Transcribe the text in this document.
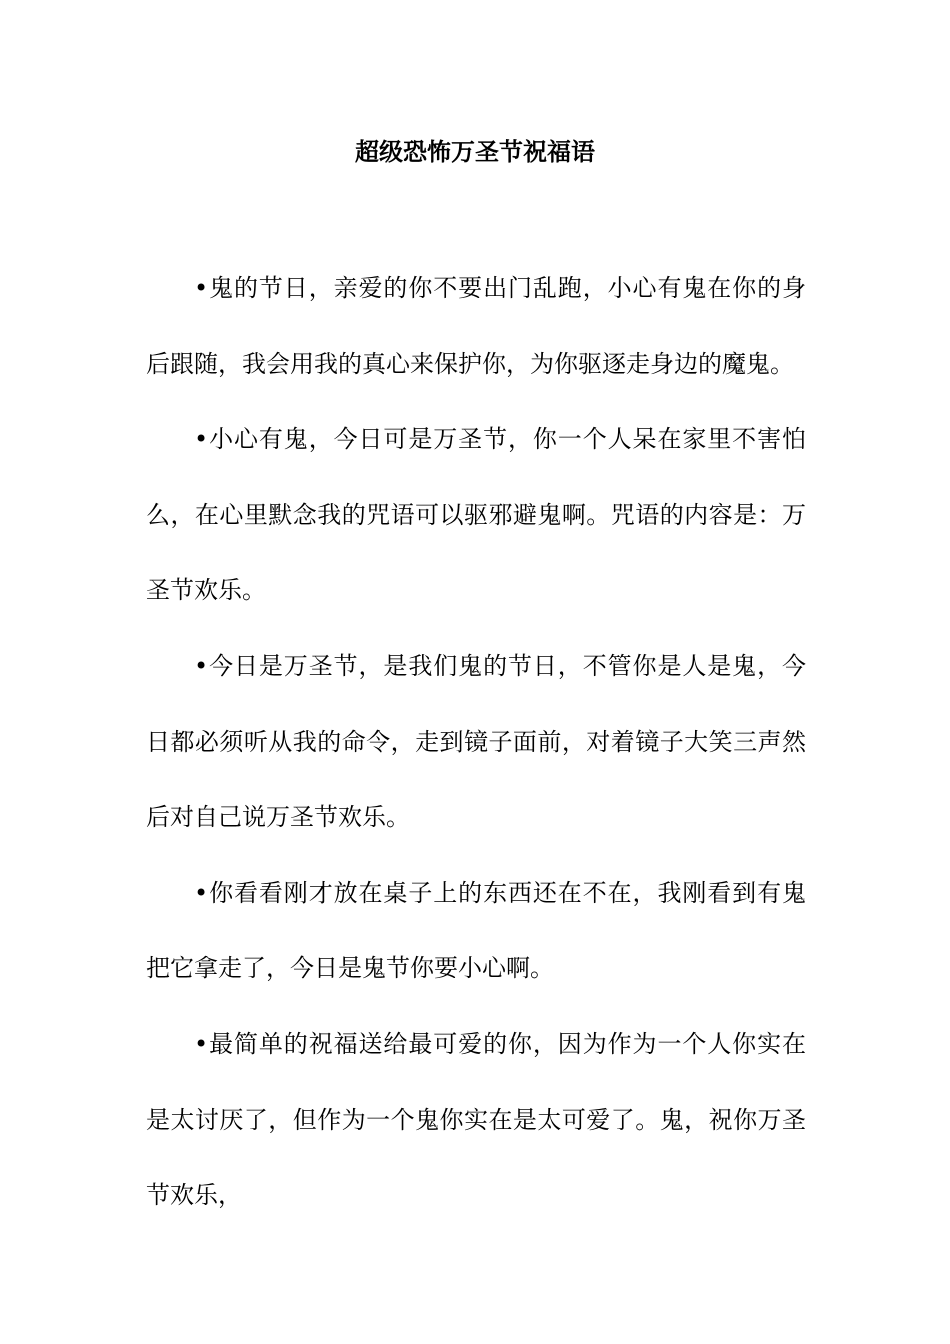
超级恐怖万圣节祝福语

•鬼的节日，亲爱的你不要出门乱跑，小心有鬼在你的身后跟随，我会用我的真心来保护你，为你驱逐走身边的魔鬼。

•小心有鬼，今日可是万圣节，你一个人呆在家里不害怕么，在心里默念我的咒语可以驱邪避鬼啊。咒语的内容是：万圣节欢乐。

•今日是万圣节，是我们鬼的节日，不管你是人是鬼，今日都必须听从我的命令，走到镜子面前，对着镜子大笑三声然后对自己说万圣节欢乐。

•你看看刚才放在桌子上的东西还在不在，我刚看到有鬼把它拿走了，今日是鬼节你要小心啊。

•最简单的祝福送给最可爱的你，因为作为一个人你实在是太讨厌了，但作为一个鬼你实在是太可爱了。鬼，祝你万圣节欢乐，
